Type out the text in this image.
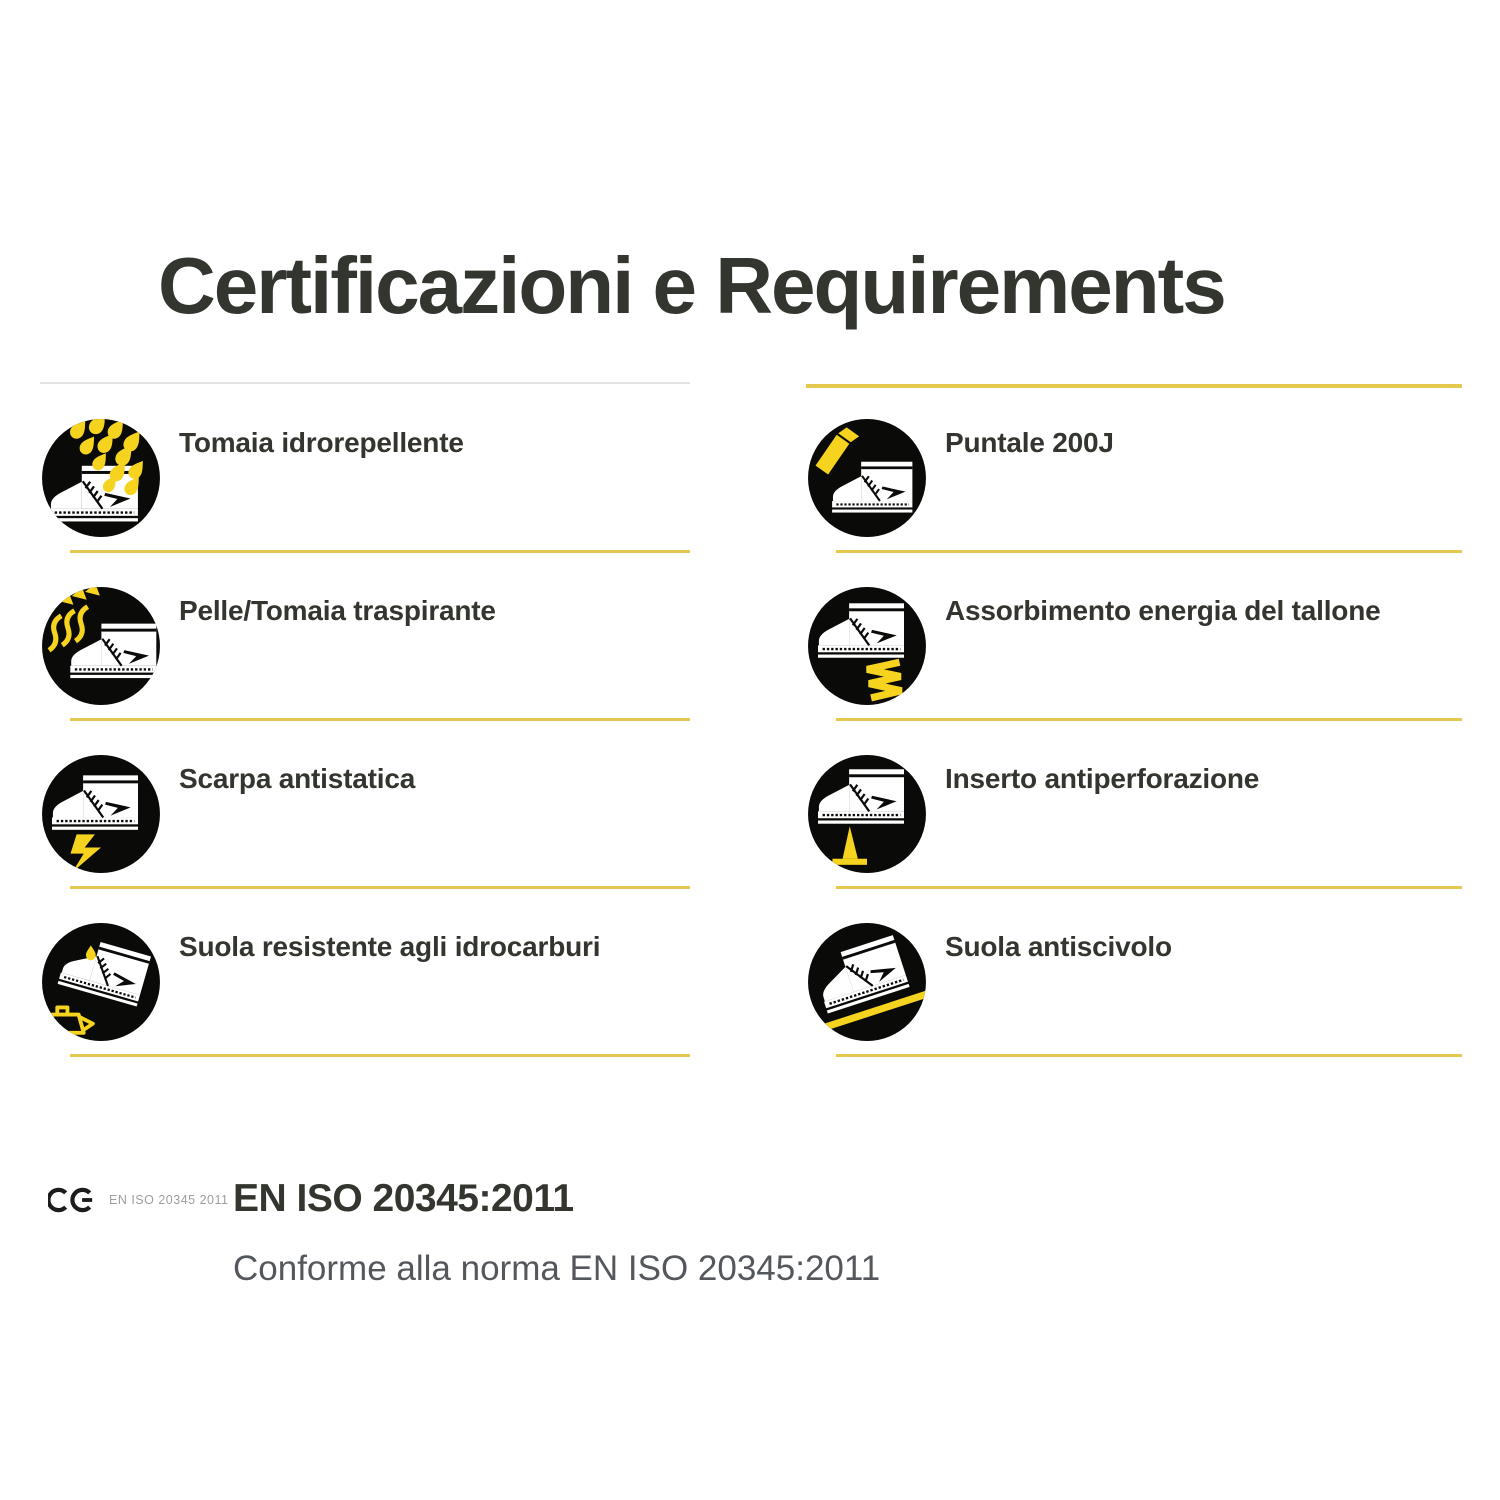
Certificazioni e Requirements
Tomaia idrorepellente
Pelle/Tomaia traspirante
Scarpa antistatica
Suola resistente agli idrocarburi
Puntale 200J
Assorbimento energia del tallone
Inserto antiperforazione
Suola antiscivolo
EN ISO 20345 2011 EN ISO 20345:2011
Conforme alla norma EN ISO 20345:2011
